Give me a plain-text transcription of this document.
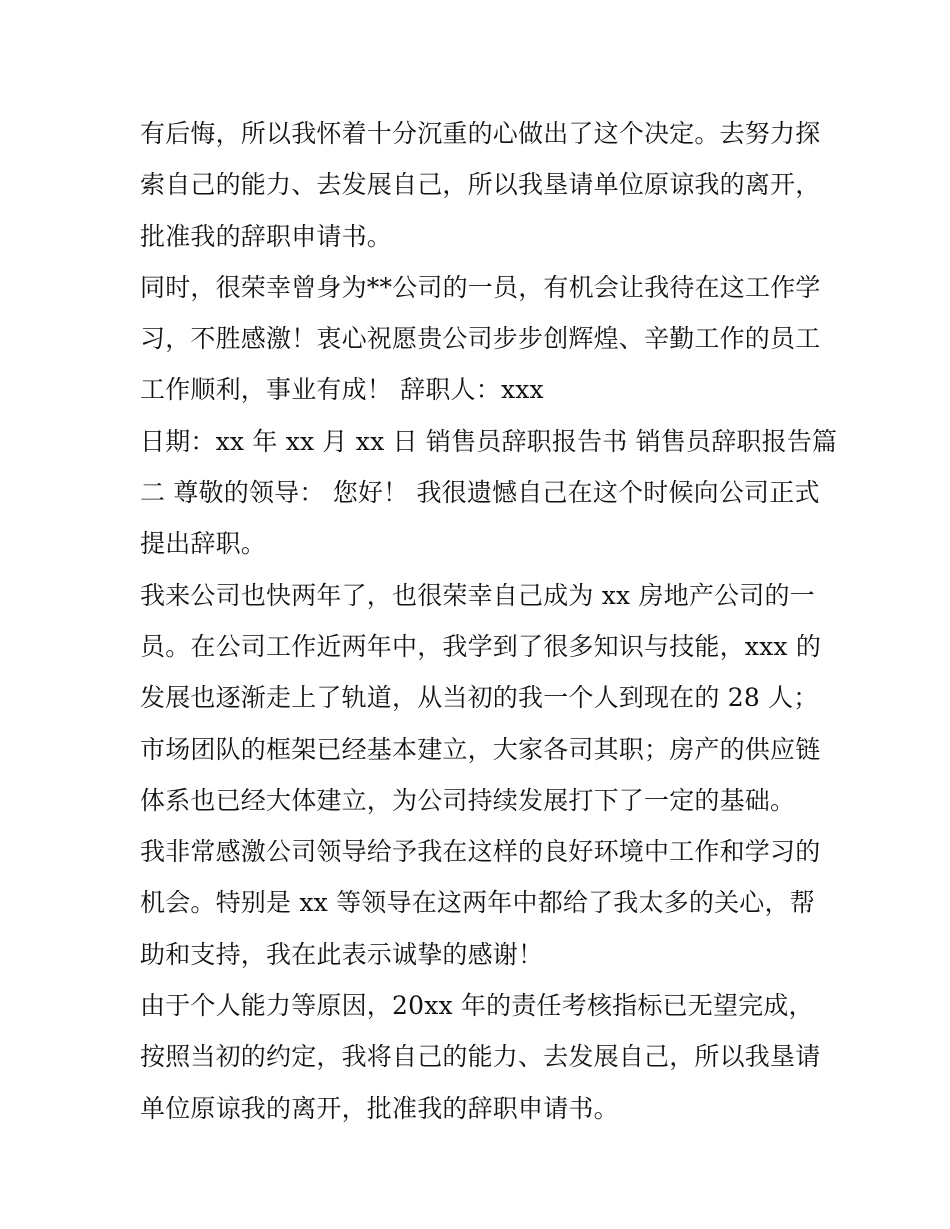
有后悔，所以我怀着十分沉重的心做出了这个决定。去努力探
索自己的能力、去发展自己，所以我垦请单位原谅我的离开，
批准我的辞职申请书。
同时，很荣幸曾身为**公司的一员，有机会让我待在这工作学
习，不胜感激！衷心祝愿贵公司步步创辉煌、辛勤工作的员工
工作顺利，事业有成！ 辞职人：xxx
日期：xx 年 xx 月 xx 日 销售员辞职报告书 销售员辞职报告篇
二 尊敬的领导： 您好！ 我很遗憾自己在这个时候向公司正式
提出辞职。
我来公司也快两年了，也很荣幸自己成为 xx 房地产公司的一
员。在公司工作近两年中，我学到了很多知识与技能，xxx 的
发展也逐渐走上了轨道，从当初的我一个人到现在的 28 人；
市场团队的框架已经基本建立，大家各司其职；房产的供应链
体系也已经大体建立，为公司持续发展打下了一定的基础。
我非常感激公司领导给予我在这样的良好环境中工作和学习的
机会。特别是 xx 等领导在这两年中都给了我太多的关心，帮
助和支持，我在此表示诚挚的感谢！
由于个人能力等原因，20xx 年的责任考核指标已无望完成，
按照当初的约定，我将自己的能力、去发展自己，所以我垦请
单位原谅我的离开，批准我的辞职申请书。
